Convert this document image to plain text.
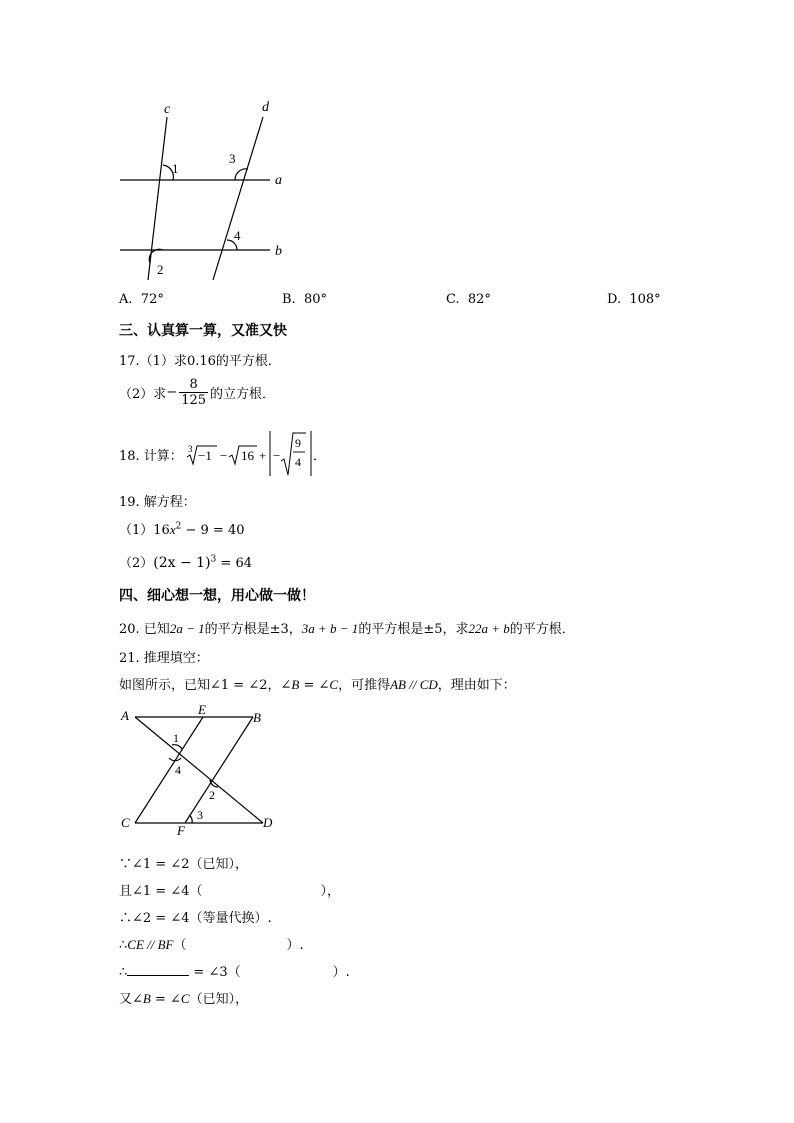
c	d
a
b
1
2
3
4
A. 72°	B. 80°	C. 82°	D. 108°
三、认真算一算，又准又快
17.（1）求0.16的平方根．
（2）求− $\frac{8}{125}$ 的立方根．
18. 计算： 3 −1 − 16 + −
9
4 ．
19. 解方程：
$(1)16x^2 - 9 = 40$
$(2)(2x - 1)^3 = 64$
四、细心想一想，用心做一做！
20. 已知2a − 1的平方根是±3，3a + b − 1的平方根是±5，求22a + b的平方根．
21. 推理填空：
如图所示，已知∠1 = ∠2，∠B = ∠C，可推得AB // CD，理由如下：
A	E
B
C
F
D
1
4
2
3
∵∠1 = ∠2（已知），
且∠1 = ∠4（	），
∴∠2 = ∠4（等量代换）.
∴CE // BF（	）.
∴	= ∠3（	）.
又∠B = ∠C（已知），
